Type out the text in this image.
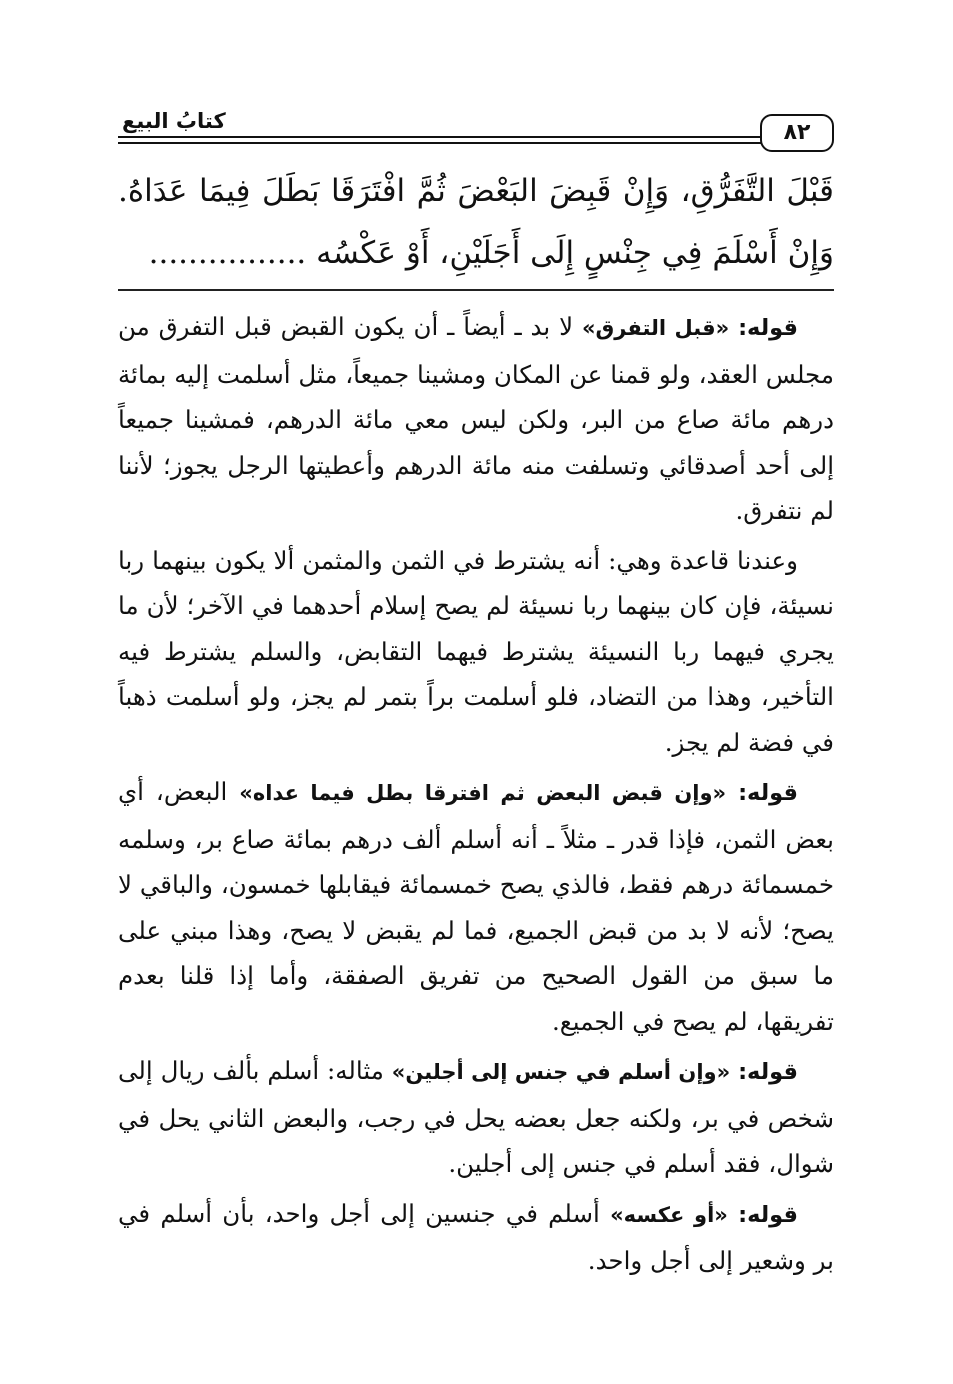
٨٢
كتابُ البيع

قَبْلَ التَّفَرُّقِ، وَإِنْ قَبِضَ البَعْضَ ثُمَّ افْتَرَقَا بَطَلَ فِيمَا عَدَاهُ.

وَإِنْ أَسْلَمَ فِي جِنْسٍ إِلَى أَجَلَيْنِ، أَوْ عَكْسُه ................

قوله: «قبل التفرق» لا بد ـ أيضاً ـ أن يكون القبض قبل التفرق من مجلس العقد، ولو قمنا عن المكان ومشينا جميعاً، مثل أسلمت إليه بمائة درهم مائة صاع من البر، ولكن ليس معي مائة الدرهم، فمشينا جميعاً إلى أحد أصدقائي وتسلفت منه مائة الدرهم وأعطيتها الرجل يجوز؛ لأننا لم نتفرق.

وعندنا قاعدة وهي: أنه يشترط في الثمن والمثمن ألا يكون بينهما ربا نسيئة، فإن كان بينهما ربا نسيئة لم يصح إسلام أحدهما في الآخر؛ لأن ما يجري فيهما ربا النسيئة يشترط فيهما التقابض، والسلم يشترط فيه التأخير، وهذا من التضاد، فلو أسلمت براً بتمر لم يجز، ولو أسلمت ذهباً في فضة لم يجز.

قوله: «وإن قبض البعض ثم افترقا بطل فيما عداه» البعض، أي بعض الثمن، فإذا قدر ـ مثلاً ـ أنه أسلم ألف درهم بمائة صاع بر، وسلمه خمسمائة درهم فقط، فالذي يصح خمسمائة فيقابلها خمسون، والباقي لا يصح؛ لأنه لا بد من قبض الجميع، فما لم يقبض لا يصح، وهذا مبني على ما سبق من القول الصحيح من تفريق الصفقة، وأما إذا قلنا بعدم تفريقها، لم يصح في الجميع.

قوله: «وإن أسلم في جنس إلى أجلين» مثاله: أسلم بألف ريال إلى شخص في بر، ولكنه جعل بعضه يحل في رجب، والبعض الثاني يحل في شوال، فقد أسلم في جنس إلى أجلين.

قوله: «أو عكسه» أسلم في جنسين إلى أجل واحد، بأن أسلم في بر وشعير إلى أجل واحد.
